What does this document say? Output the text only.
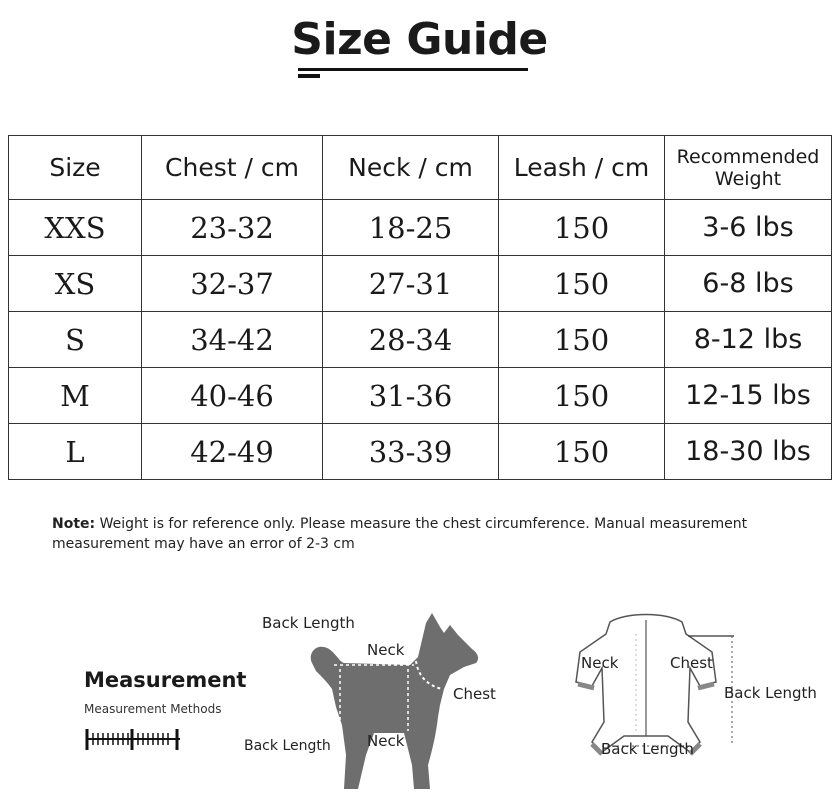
Size Guide
Size	Chest / cm	Neck / cm	Leash / cm	Recommended Weight
XXS	23-32	18-25	150	3-6 lbs
XS	32-37	27-31	150	6-8 lbs
S	34-42	28-34	150	8-12 lbs
M	40-46	31-36	150	12-15 lbs
L	42-49	33-39	150	18-30 lbs
Note: Weight is for reference only. Please measure the chest circumference. Manual measurement measurement may have an error of 2-3 cm
Measurement
Measurement Methods
Back Length
Neck
Chest
Back Length Neck
Neck	Chest
Back Length
Back Length
